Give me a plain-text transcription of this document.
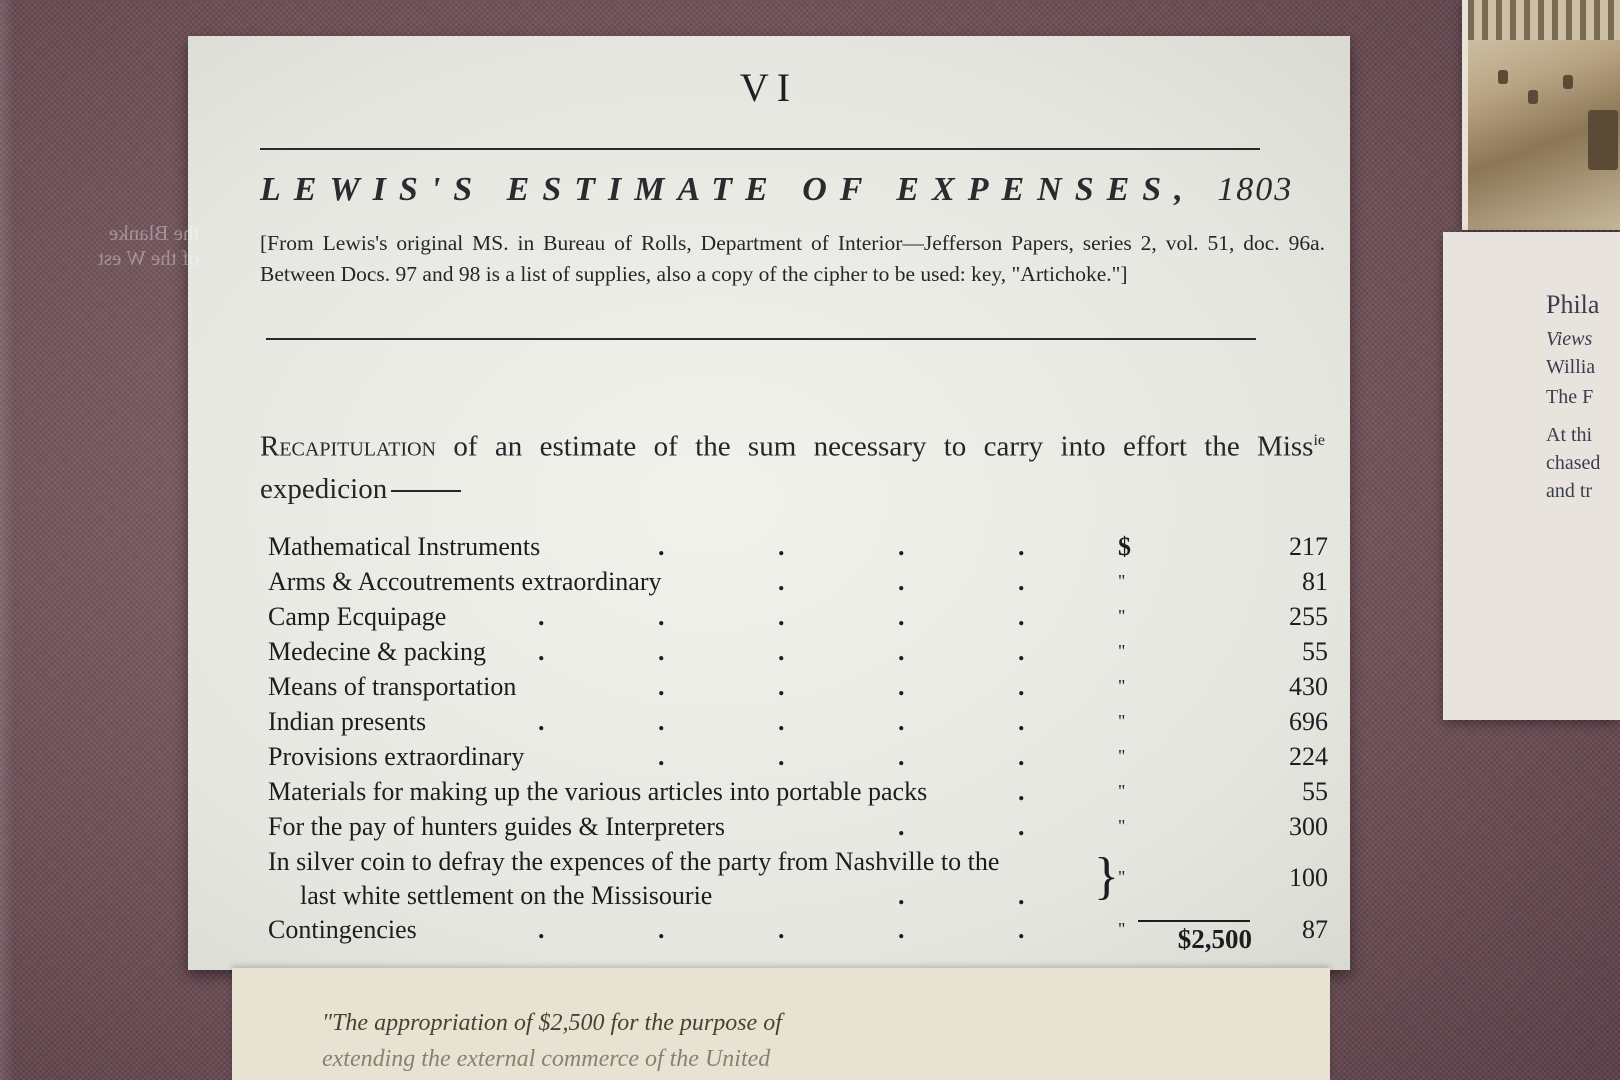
Phila
Views
Willia
The F
At thi
chased
and tr
VI
LEWIS'S ESTIMATE OF EXPENSES, 1803
the Blanke
of the W est
[From Lewis's original MS. in Bureau of Rolls, Department of Interior—Jefferson Papers, series 2, vol. 51, doc. 96a. Between Docs. 97 and 98 is a list of supplies, also a copy of the cipher to be used: key, "Artichoke."]
Recapitulation of an estimate of the sum necessary to carry into effort the Miss$^{ie}$ expedicion
Mathematical Instruments	.	.	.	.	$	217
Arms & Accoutrements extraordinary	.	.	.	"	81
Camp Ecquipage	.	.	.	.	.	"	255
Medecine & packing .	.	.	.	.	"	55
Means of transportation	.	.	.	.	"	430
Indian presents	.	.	.	.	.	"	696
Provisions extraordinary	.	.	.	.	"	224
Materials for making up the various articles into portable packs	.	"	55
For the pay of hunters guides & Interpreters	.	.	"	300
In silver coin to defray the expences of the party from Nashville to the
last white settlement on the Missisourie	.	. } "	100
Contingencies	.	.	.	.	.	"	87
$2,500
"The appropriation of $2,500 for the purpose of
extending the external commerce of the United
